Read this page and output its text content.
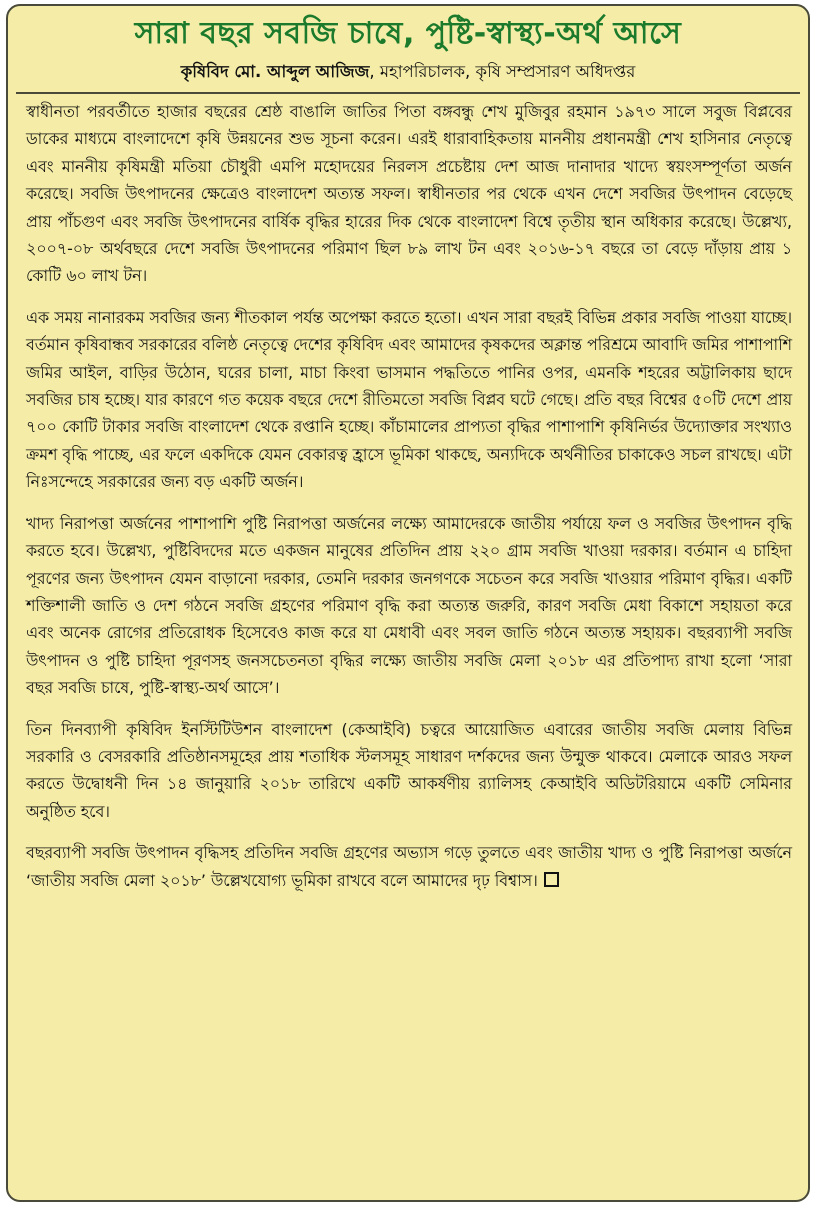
সারা বছর সবজি চাষে, পুষ্টি-স্বাস্থ্য-অর্থ আসে
কৃষিবিদ মো. আব্দুল আজিজ, মহাপরিচালক, কৃষি সম্প্রসারণ অধিদপ্তর

স্বাধীনতা পরবর্তীতে হাজার বছরের শ্রেষ্ঠ বাঙালি জাতির পিতা বঙ্গবন্ধু শেখ মুজিবুর রহমান ১৯৭৩ সালে সবুজ বিপ্লবের ডাকের মাধ্যমে বাংলাদেশে কৃষি উন্নয়নের শুভ সূচনা করেন। এরই ধারাবাহিকতায় মাননীয় প্রধানমন্ত্রী শেখ হাসিনার নেতৃত্বে এবং মাননীয় কৃষিমন্ত্রী মতিয়া চৌধুরী এমপি মহোদয়ের নিরলস প্রচেষ্টায় দেশ আজ দানাদার খাদ্যে স্বয়ংসম্পূর্ণতা অর্জন করেছে। সবজি উৎপাদনের ক্ষেত্রেও বাংলাদেশ অত্যন্ত সফল। স্বাধীনতার পর থেকে এখন দেশে সবজির উৎপাদন বেড়েছে প্রায় পাঁচগুণ এবং সবজি উৎপাদনের বার্ষিক বৃদ্ধির হারের দিক থেকে বাংলাদেশ বিশ্বে তৃতীয় স্থান অধিকার করেছে। উল্লেখ্য, ২০০৭-০৮ অর্থবছরে দেশে সবজি উৎপাদনের পরিমাণ ছিল ৮৯ লাখ টন এবং ২০১৬-১৭ বছরে তা বেড়ে দাঁড়ায় প্রায় ১ কোটি ৬০ লাখ টন।

এক সময় নানারকম সবজির জন্য শীতকাল পর্যন্ত অপেক্ষা করতে হতো। এখন সারা বছরই বিভিন্ন প্রকার সবজি পাওয়া যাচ্ছে। বর্তমান কৃষিবান্ধব সরকারের বলিষ্ঠ নেতৃত্বে দেশের কৃষিবিদ এবং আমাদের কৃষকদের অক্লান্ত পরিশ্রমে আবাদি জমির পাশাপাশি জমির আইল, বাড়ির উঠোন, ঘরের চালা, মাচা কিংবা ভাসমান পদ্ধতিতে পানির ওপর, এমনকি শহরের অট্টালিকায় ছাদে সবজির চাষ হচ্ছে। যার কারণে গত কয়েক বছরে দেশে রীতিমতো সবজি বিপ্লব ঘটে গেছে। প্রতি বছর বিশ্বের ৫০টি দেশে প্রায় ৭০০ কোটি টাকার সবজি বাংলাদেশ থেকে রপ্তানি হচ্ছে। কাঁচামালের প্রাপ্যতা বৃদ্ধির পাশাপাশি কৃষিনির্ভর উদ্যোক্তার সংখ্যাও ক্রমশ বৃদ্ধি পাচ্ছে, এর ফলে একদিকে যেমন বেকারত্ব হ্রাসে ভূমিকা থাকছে, অন্যদিকে অর্থনীতির চাকাকেও সচল রাখছে। এটা নিঃসন্দেহে সরকারের জন্য বড় একটি অর্জন।

খাদ্য নিরাপত্তা অর্জনের পাশাপাশি পুষ্টি নিরাপত্তা অর্জনের লক্ষ্যে আমাদেরকে জাতীয় পর্যায়ে ফল ও সবজির উৎপাদন বৃদ্ধি করতে হবে। উল্লেখ্য, পুষ্টিবিদদের মতে একজন মানুষের প্রতিদিন প্রায় ২২০ গ্রাম সবজি খাওয়া দরকার। বর্তমান এ চাহিদা পূরণের জন্য উৎপাদন যেমন বাড়ানো দরকার, তেমনি দরকার জনগণকে সচেতন করে সবজি খাওয়ার পরিমাণ বৃদ্ধির। একটি শক্তিশালী জাতি ও দেশ গঠনে সবজি গ্রহণের পরিমাণ বৃদ্ধি করা অত্যন্ত জরুরি, কারণ সবজি মেধা বিকাশে সহায়তা করে এবং অনেক রোগের প্রতিরোধক হিসেবেও কাজ করে যা মেধাবী এবং সবল জাতি গঠনে অত্যন্ত সহায়ক। বছরব্যাপী সবজি উৎপাদন ও পুষ্টি চাহিদা পূরণসহ জনসচেতনতা বৃদ্ধির লক্ষ্যে জাতীয় সবজি মেলা ২০১৮ এর প্রতিপাদ্য রাখা হলো ‘সারা বছর সবজি চাষে, পুষ্টি-স্বাস্থ্য-অর্থ আসে’।

তিন দিনব্যাপী কৃষিবিদ ইনস্টিটিউশন বাংলাদেশ (কেআইবি) চত্বরে আয়োজিত এবারের জাতীয় সবজি মেলায় বিভিন্ন সরকারি ও বেসরকারি প্রতিষ্ঠানসমূহের প্রায় শতাধিক স্টলসমূহ সাধারণ দর্শকদের জন্য উন্মুক্ত থাকবে। মেলাকে আরও সফল করতে উদ্বোধনী দিন ১৪ জানুয়ারি ২০১৮ তারিখে একটি আকর্ষণীয় র‍্যালিসহ কেআইবি অডিটরিয়ামে একটি সেমিনার অনুষ্ঠিত হবে।

বছরব্যাপী সবজি উৎপাদন বৃদ্ধিসহ প্রতিদিন সবজি গ্রহণের অভ্যাস গড়ে তুলতে এবং জাতীয় খাদ্য ও পুষ্টি নিরাপত্তা অর্জনে ‘জাতীয় সবজি মেলা ২০১৮’ উল্লেখযোগ্য ভূমিকা রাখবে বলে আমাদের দৃঢ় বিশ্বাস।
